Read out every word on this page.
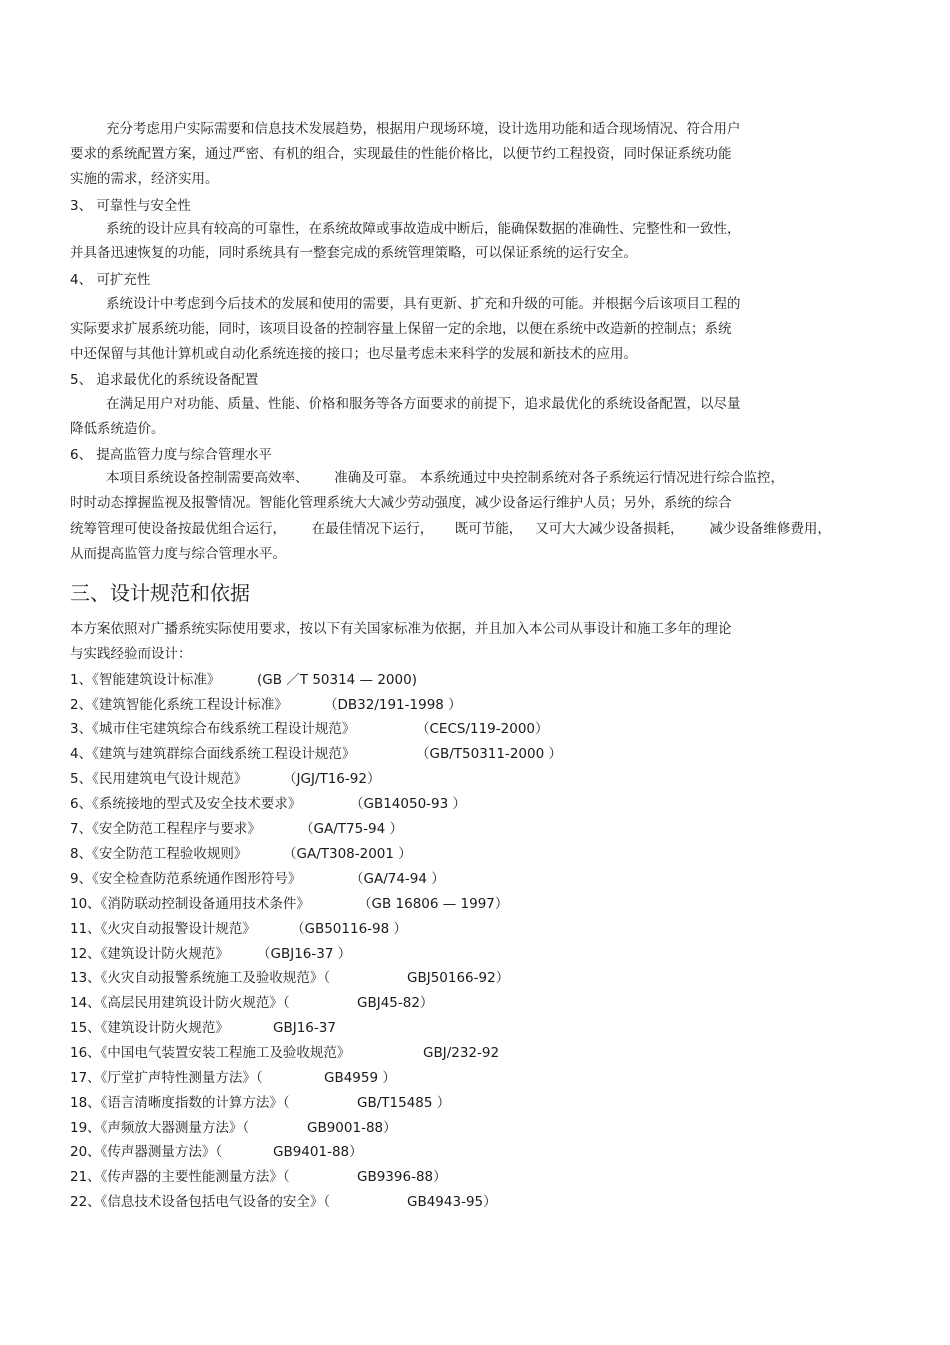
充分考虑用户实际需要和信息技术发展趋势，根据用户现场环境，设计选用功能和适合现场情况、符合用户

要求的系统配置方案，通过严密、有机的组合，实现最佳的性能价格比，以便节约工程投资，同时保证系统功能

实施的需求，经济实用。

3、 可靠性与安全性

系统的设计应具有较高的可靠性，在系统故障或事故造成中断后，能确保数据的准确性、完整性和一致性，

并具备迅速恢复的功能，同时系统具有一整套完成的系统管理策略，可以保证系统的运行安全。

4、 可扩充性

系统设计中考虑到今后技术的发展和使用的需要，具有更新、扩充和升级的可能。并根据今后该项目工程的

实际要求扩展系统功能，同时，该项目设备的控制容量上保留一定的余地，以便在系统中改造新的控制点；系统

中还保留与其他计算机或自动化系统连接的接口；也尽量考虑未来科学的发展和新技术的应用。

5、 追求最优化的系统设备配置

在满足用户对功能、质量、性能、价格和服务等各方面要求的前提下，追求最优化的系统设备配置，以尽量

降低系统造价。

6、 提高监管力度与综合管理水平

本项目系统设备控制需要高效率、      准确及可靠。 本系统通过中央控制系统对各子系统运行情况进行综合监控，

时时动态撑握监视及报警情况。智能化管理系统大大减少劳动强度，减少设备运行维护人员；另外，系统的综合

统筹管理可使设备按最优组合运行，      在最佳情况下运行，     既可节能，   又可大大减少设备损耗，      减少设备维修费用，

从而提高监管力度与综合管理水平。

三、设计规范和依据

本方案依照对广播系统实际使用要求，按以下有关国家标准为依据，并且加入本公司从事设计和施工多年的理论

与实践经验而设计：

1、《智能建筑设计标准》

	(GB ／T 50314 — 2000)

2、《建筑智能化系统工程设计标准》

	（DB32/191-1998 ）

3、《城市住宅建筑综合布线系统工程设计规范》

	（CECS/119-2000）

4、《建筑与建筑群综合面线系统工程设计规范》

	（GB/T50311-2000 ）

5、《民用建筑电气设计规范》

	（JGJ/T16-92）

6、《系统接地的型式及安全技术要求》

	（GB14050-93 ）

7、《安全防范工程程序与要求》

	（GA/T75-94 ）

8、《安全防范工程验收规则》

	（GA/T308-2001 ）

9、《安全检查防范系统通作图形符号》

	（GA/74-94 ）

10、《消防联动控制设备通用技术条件》

	（GB 16806 — 1997）

11、《火灾自动报警设计规范》

	（GB50116-98 ）

12、《建筑设计防火规范》

（GBJ16-37 ）

13、《火灾自动报警系统施工及验收规范》（

	GBJ50166-92）

14、《高层民用建筑设计防火规范》（

	GBJ45-82）

15、《建筑设计防火规范》

	GBJ16-37

16、《中国电气装置安装工程施工及验收规范》

	GBJ/232-92

17、《厅堂扩声特性测量方法》（

	GB4959 ）

18、《语言清晰度指数的计算方法》（

	GB/T15485 ）

19、《声频放大器测量方法》（

	GB9001-88）

20、《传声器测量方法》（

	GB9401-88）

21、《传声器的主要性能测量方法》（

	GB9396-88）

22、《信息技术设备包括电气设备的安全》（

	GB4943-95）
